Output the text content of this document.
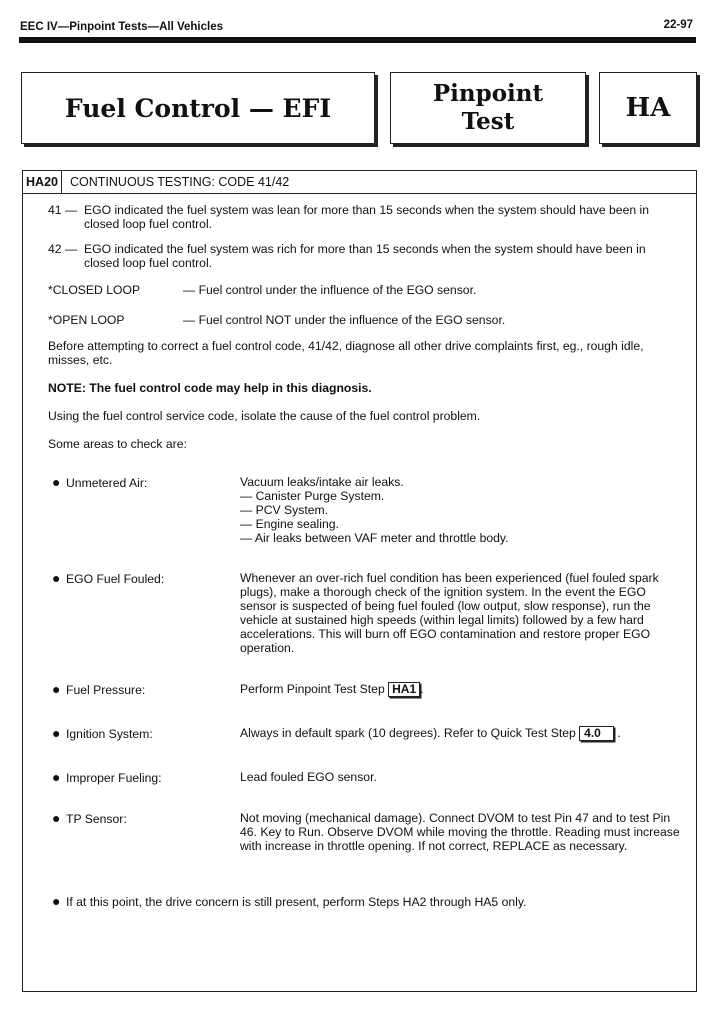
EEC IV—Pinpoint Tests—All Vehicles	22-97
Fuel Control — EFI	Pinpoint
Test	HA
HA20 CONTINUOUS TESTING: CODE 41/42
41 — EGO indicated the fuel system was lean for more than 15 seconds when the system should have been in closed loop fuel control.
42 — EGO indicated the fuel system was rich for more than 15 seconds when the system should have been in closed loop fuel control.
*CLOSED LOOP	— Fuel control under the influence of the EGO sensor.
*OPEN LOOP	— Fuel control NOT under the influence of the EGO sensor.

Before attempting to correct a fuel control code, 41/42, diagnose all other drive complaints first, eg., rough idle, misses, etc.

NOTE: The fuel control code may help in this diagnosis.

Using the fuel control service code, isolate the cause of the fuel control problem.

Some areas to check are:

● Unmetered Air:	Vacuum leaks/intake air leaks.
— Canister Purge System.
— PCV System.
— Engine sealing.
— Air leaks between VAF meter and throttle body.
● EGO Fuel Fouled:	Whenever an over-rich fuel condition has been experienced (fuel fouled spark plugs), make a thorough check of the ignition system. In the event the EGO sensor is suspected of being fuel fouled (low output, slow response), run the vehicle at sustained high speeds (within legal limits) followed by a few hard accelerations. This will burn off EGO contamination and restore proper EGO operation.
● Fuel Pressure:	Perform Pinpoint Test Step HA1 .
● Ignition System:	Always in default spark (10 degrees). Refer to Quick Test Step 4.0 .
● Improper Fueling:	Lead fouled EGO sensor.
● TP Sensor:	Not moving (mechanical damage). Connect DVOM to test Pin 47 and to test Pin 46. Key to Run. Observe DVOM while moving the throttle. Reading must increase with increase in throttle opening. If not correct, REPLACE as necessary.
● If at this point, the drive concern is still present, perform Steps HA2 through HA5 only.
